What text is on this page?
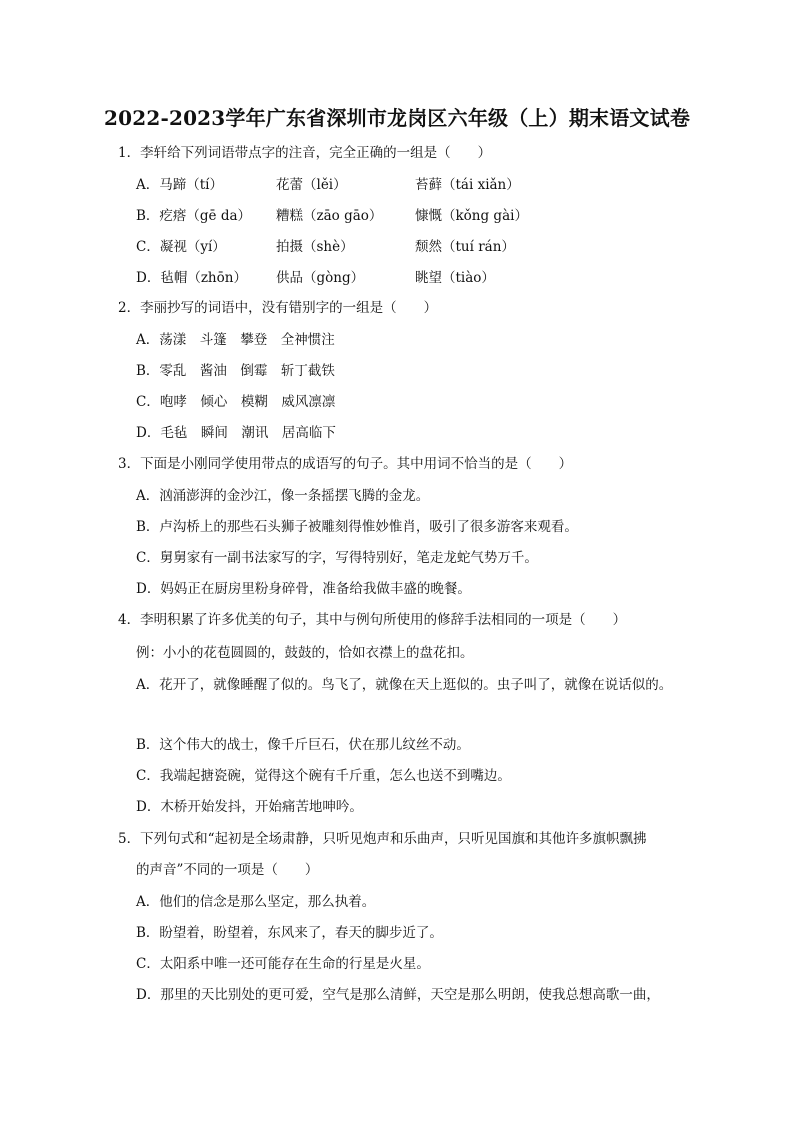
2022-2023学年广东省深圳市龙岗区六年级（上）期末语文试卷
1．李轩给下列词语带点字的注音，完全正确的一组是（　　）
A．马蹄（tí）	花蕾（lěi）	苔藓（tái xiǎn）
B．疙瘩（gē da） 糟糕（zāo gāo） 慷慨（kǒng gài）
C．凝视（yí）	拍摄（shè）	颓然（tuí rán）
D．毡帽（zhōn） 供品（gòng）	眺望（tiào）
2．李丽抄写的词语中，没有错别字的一组是（　　）
A．荡漾　斗篷　攀登　全神惯注
B．零乱　酱油　倒霉　斩丁截铁
C．咆哮　倾心　模糊　威风凛凛
D．毛毡　瞬间　潮讯　居高临下
3．下面是小刚同学使用带点的成语写的句子。其中用词不恰当的是（　　）
A．汹涌澎湃的金沙江，像一条摇摆飞腾的金龙。
B．卢沟桥上的那些石头狮子被雕刻得惟妙惟肖，吸引了很多游客来观看。
C．舅舅家有一副书法家写的字，写得特别好，笔走龙蛇气势万千。
D．妈妈正在厨房里粉身碎骨，准备给我做丰盛的晚餐。
4．李明积累了许多优美的句子，其中与例句所使用的修辞手法相同的一项是（　　）
例：小小的花苞圆圆的，鼓鼓的，恰如衣襟上的盘花扣。
A．花开了，就像睡醒了似的。鸟飞了，就像在天上逛似的。虫子叫了，就像在说话似的。
B．这个伟大的战士，像千斤巨石，伏在那儿纹丝不动。
C．我端起搪瓷碗，觉得这个碗有千斤重，怎么也送不到嘴边。
D．木桥开始发抖，开始痛苦地呻吟。
5．下列句式和“起初是全场肃静，只听见炮声和乐曲声，只听见国旗和其他许多旗帜飘拂
的声音”不同的一项是（　　）
A．他们的信念是那么坚定，那么执着。
B．盼望着，盼望着，东风来了，春天的脚步近了。
C．太阳系中唯一还可能存在生命的行星是火星。
D．那里的天比别处的更可爱，空气是那么清鲜，天空是那么明朗，使我总想高歌一曲，
